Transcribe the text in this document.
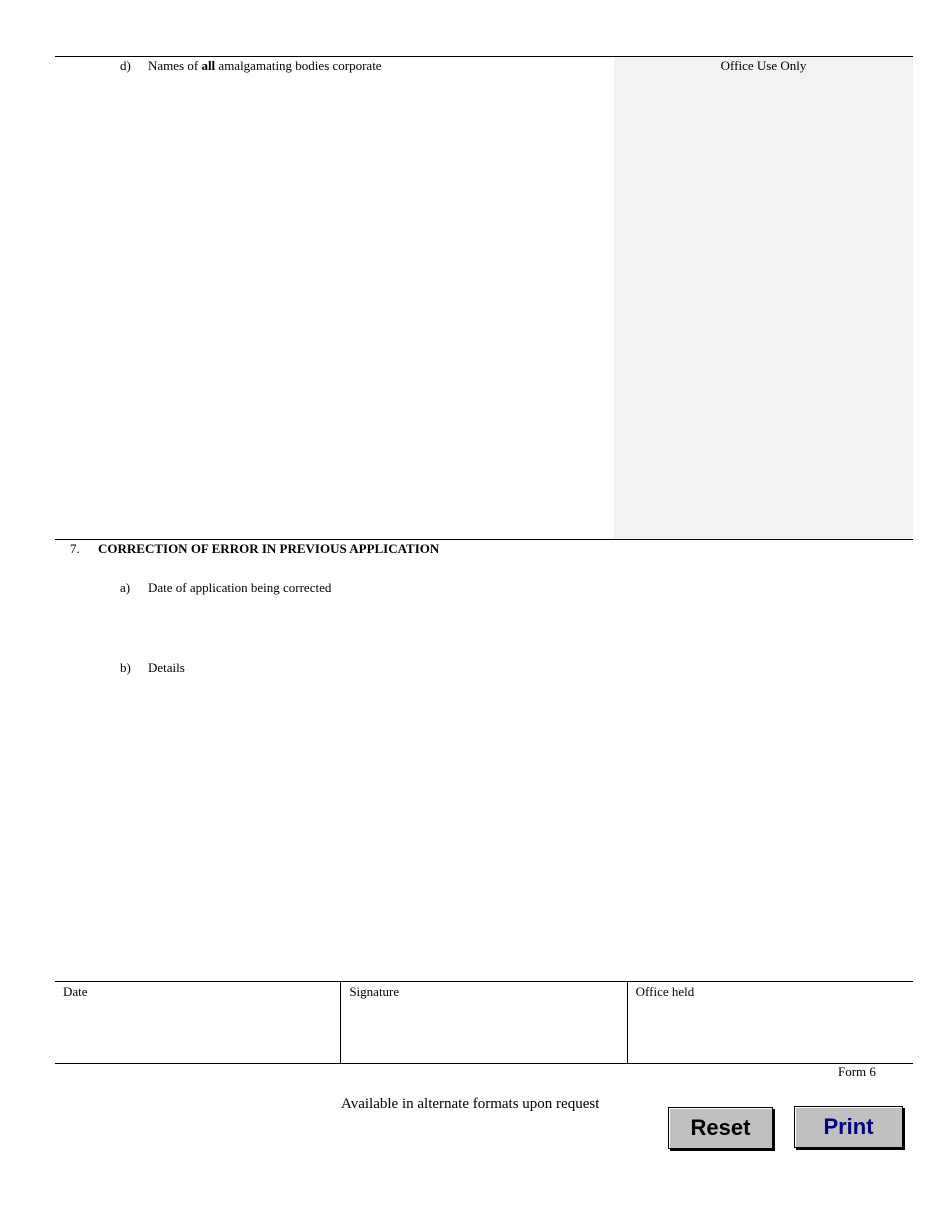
Office Use Only
d) Names of all amalgamating bodies corporate
7. CORRECTION OF ERROR IN PREVIOUS APPLICATION
a) Date of application being corrected
b) Details
Date	Signature	Office held
Form 6
Available in alternate formats upon request
Reset	Print
